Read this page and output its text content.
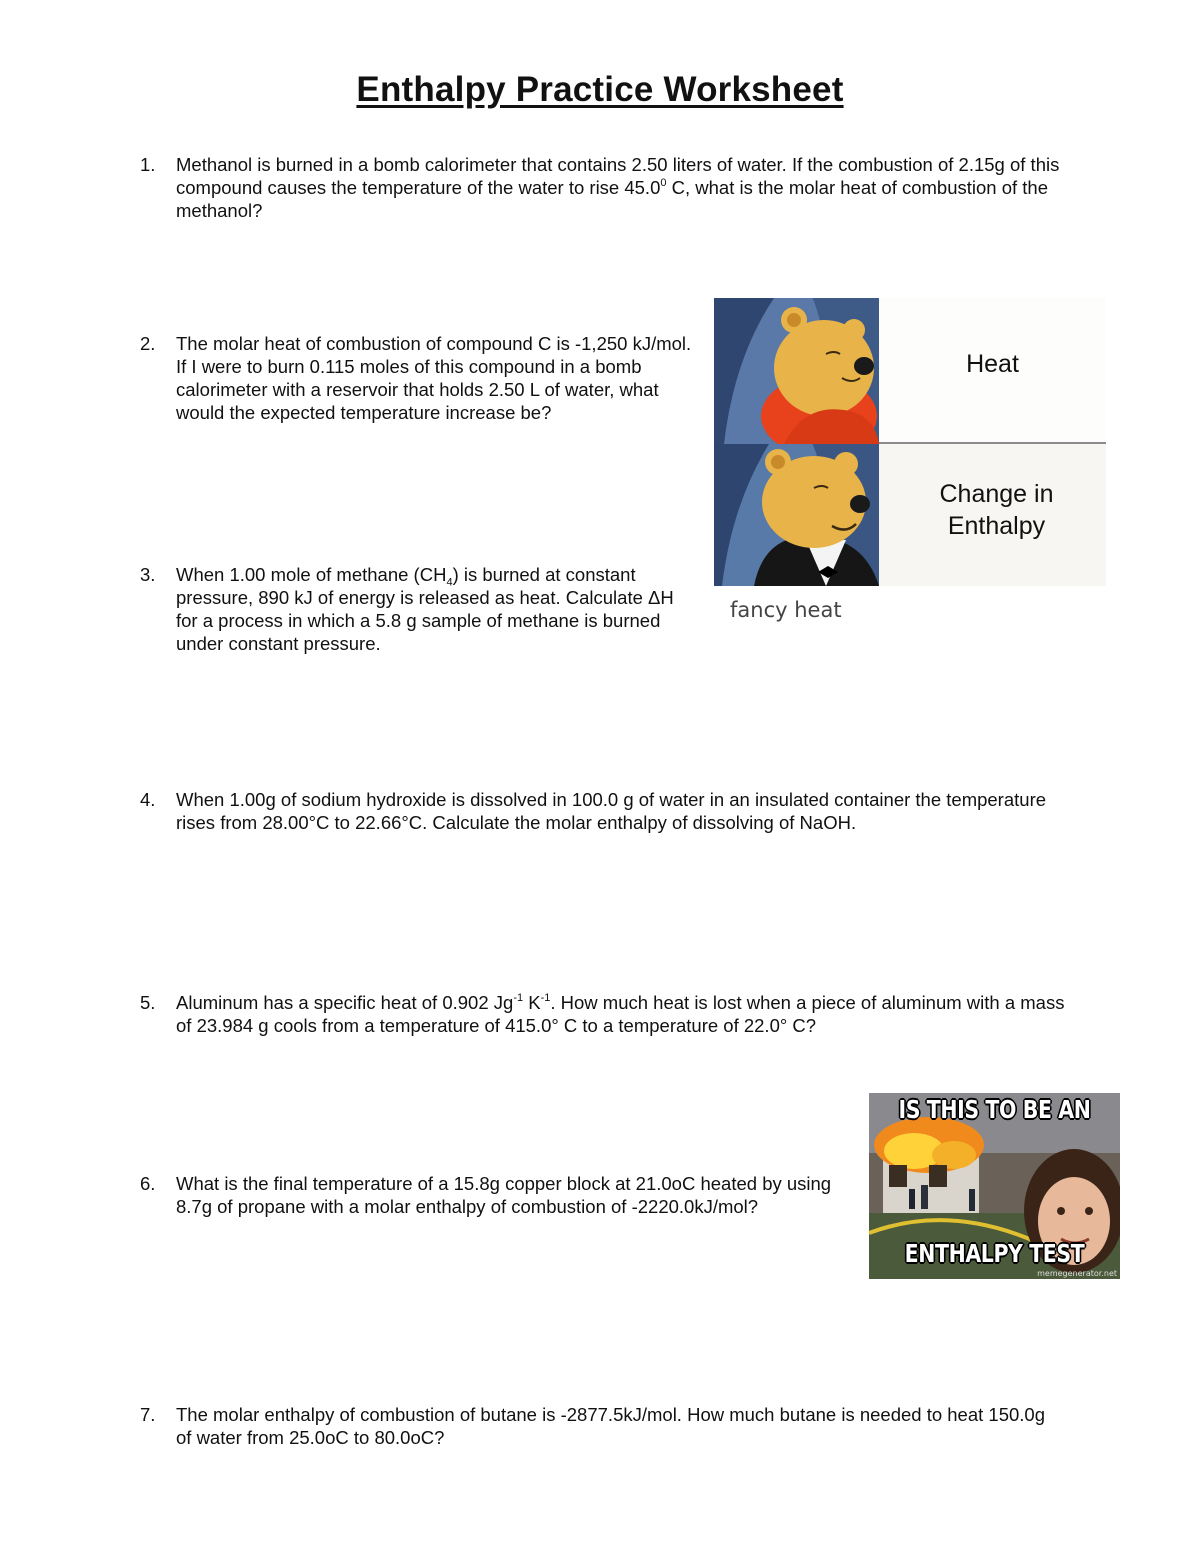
Enthalpy Practice Worksheet
1.	Methanol is burned in a bomb calorimeter that contains 2.50 liters of water. If the combustion of 2.15g of this compound causes the temperature of the water to rise 45.0$^0$ C, what is the molar heat of combustion of the methanol?
2.	The molar heat of combustion of compound C is -1,250 kJ/mol. If I were to burn 0.115 moles of this compound in a bomb calorimeter with a reservoir that holds 2.50 L of water, what would the expected temperature increase be?
3.	When 1.00 mole of methane $(CH_4)$ is burned at constant pressure, 890 kJ of energy is released as heat. Calculate ΔH for a process in which a 5.8 g sample of methane is burned under constant pressure.
4.	When 1.00g of sodium hydroxide is dissolved in 100.0 g of water in an insulated container the temperature rises from 28.00°C to 22.66°C. Calculate the molar enthalpy of dissolving of NaOH.
5.	Aluminum has a specific heat of 0.902 $Jg^{-1}$ $K^{-1}$. How much heat is lost when a piece of aluminum with a mass of 23.984 g cools from a temperature of 415.0° C to a temperature of 22.0° C?
6.	What is the final temperature of a 15.8g copper block at 21.0oC heated by using 8.7g of propane with a molar enthalpy of combustion of -2220.0kJ/mol?
7.	The molar enthalpy of combustion of butane is -2877.5kJ/mol. How much butane is needed to heat 150.0g of water from 25.0oC to 80.0oC?
Heat
Change in
Enthalpy
fancy heat
IS THIS TO BE AN
ENTHALPY TEST
memegenerator.net
